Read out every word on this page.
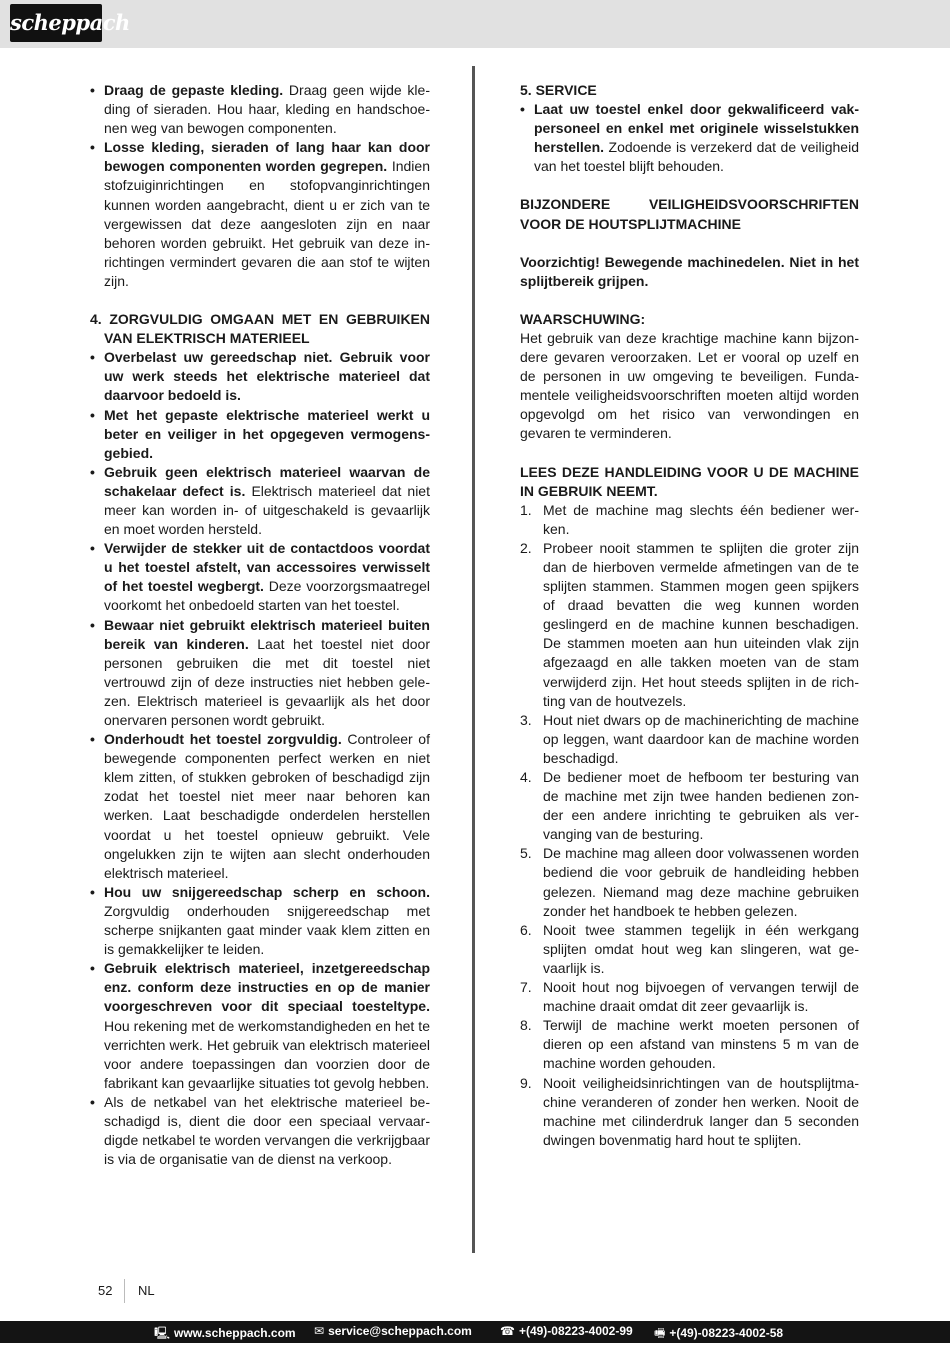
scheppach
• Draag de gepaste kleding. Draag geen wijde kleding of sieraden. Hou haar, kleding en handschoenen weg van bewogen componenten.
• Losse kleding, sieraden of lang haar kan door bewogen componenten worden gegrepen. Indien stofzuiginrichtingen en stofopvanginrichtingen kunnen worden aangebracht, dient u er zich van te vergewissen dat deze aangesloten zijn en naar behoren worden gebruikt. Het gebruik van deze inrichtingen vermindert gevaren die aan stof te wijten zijn.

4. ZORGVULDIG OMGAAN MET EN GEBRUIKEN VAN ELEKTRISCH MATERIEEL

• Overbelast uw gereedschap niet. Gebruik voor uw werk steeds het elektrische materieel dat daarvoor bedoeld is.
• Met het gepaste elektrische materieel werkt u beter en veiliger in het opgegeven vermogensgebied.
• Gebruik geen elektrisch materieel waarvan de schakelaar defect is. Elektrisch materieel dat niet meer kan worden in- of uitgeschakeld is gevaarlijk en moet worden hersteld.
• Verwijder de stekker uit de contactdoos voordat u het toestel afstelt, van accessoires verwisselt of het toestel wegbergt. Deze voorzorgsmaatregel voorkomt het onbedoeld starten van het toestel.
• Bewaar niet gebruikt elektrisch materieel buiten bereik van kinderen. Laat het toestel niet door personen gebruiken die met dit toestel niet vertrouwd zijn of deze instructies niet hebben gelezen. Elektrisch materieel is gevaarlijk als het door onervaren personen wordt gebruikt.
• Onderhoudt het toestel zorgvuldig. Controleer of bewegende componenten perfect werken en niet klem zitten, of stukken gebroken of beschadigd zijn zodat het toestel niet meer naar behoren kan werken. Laat beschadigde onderdelen herstellen voordat u het toestel opnieuw gebruikt. Vele ongelukken zijn te wijten aan slecht onderhouden elektrisch materieel.
• Hou uw snijgereedschap scherp en schoon. Zorgvuldig onderhouden snijgereedschap met scherpe snijkanten gaat minder vaak klem zitten en is gemakkelijker te leiden.
• Gebruik elektrisch materieel, inzetgereedschap enz. conform deze instructies en op de manier voorgeschreven voor dit speciaal toesteltype. Hou rekening met de werkomstandigheden en het te verrichten werk. Het gebruik van elektrisch materieel voor andere toepassingen dan voorzien door de fabrikant kan gevaarlijke situaties tot gevolg hebben.
• Als de netkabel van het elektrische materieel beschadigd is, dient die door een speciaal vervaardigde netkabel te worden vervangen die verkrijgbaar is via de organisatie van de dienst na verkoop.

5. SERVICE

• Laat uw toestel enkel door gekwalificeerd vakpersoneel en enkel met originele wisselstukken herstellen. Zodoende is verzekerd dat de veiligheid van het toestel blijft behouden.

BIJZONDERE VEILIGHEIDSVOORSCHRIFTEN VOOR DE HOUTSPLIJTMACHINE

Voorzichtig! Bewegende machinedelen. Niet in het splijtbereik grijpen.

WAARSCHUWING:

Het gebruik van deze krachtige machine kann bijzondere gevaren veroorzaken. Let er vooral op uzelf en de personen in uw omgeving te beveiligen. Fundamentele veiligheidsvoorschriften moeten altijd worden opgevolgd om het risico van verwondingen en gevaren te verminderen.

LEES DEZE HANDLEIDING VOOR U DE MACHINE IN GEBRUIK NEEMT.

1. Met de machine mag slechts één bediener werken.
2. Probeer nooit stammen te splijten die groter zijn dan de hierboven vermelde afmetingen van de te splijten stammen. Stammen mogen geen spijkers of draad bevatten die weg kunnen worden geslingerd en de machine kunnen beschadigen. De stammen moeten aan hun uiteinden vlak zijn afgezaagd en alle takken moeten van de stam verwijderd zijn. Het hout steeds splijten in de richting van de houtvezels.
3. Hout niet dwars op de machinerichting de machine op leggen, want daardoor kan de machine worden beschadigd.
4. De bediener moet de hefboom ter besturing van de machine met zijn twee handen bedienen zonder een andere inrichting te gebruiken als vervanging van de besturing.
5. De machine mag alleen door volwassenen worden bediend die voor gebruik de handleiding hebben gelezen. Niemand mag deze machine gebruiken zonder het handboek te hebben gelezen.
6. Nooit twee stammen tegelijk in één werkgang splijten omdat hout weg kan slingeren, wat gevaarlijk is.
7. Nooit hout nog bijvoegen of vervangen terwijl de machine draait omdat dit zeer gevaarlijk is.
8. Terwijl de machine werkt moeten personen of dieren op een afstand van minstens 5 m van de machine worden gehouden.
9. Nooit veiligheidsinrichtingen van de houtsplijtmachine veranderen of zonder hen werken. Nooit de machine met cilinderdruk langer dan 5 seconden dwingen bovenmatig hard hout te splijten.
52 NL
🖳 www.scheppach.com ✉ service@scheppach.com ☎ +(49)-08223-4002-99 🖷 +(49)-08223-4002-58
